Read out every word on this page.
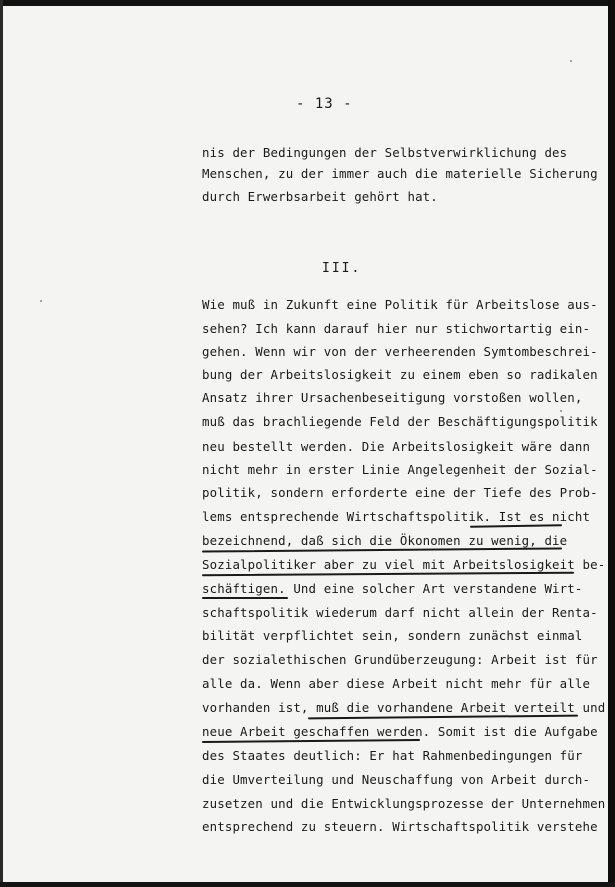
- 13 -
nis der Bedingungen der Selbstverwirklichung des
Menschen, zu der immer auch die materielle Sicherung
durch Erwerbsarbeit gehört hat.
III.
Wie muß in Zukunft eine Politik für Arbeitslose aus-
sehen? Ich kann darauf hier nur stichwortartig ein-
gehen. Wenn wir von der verheerenden Symtombeschrei-
bung der Arbeitslosigkeit zu einem eben so radikalen
Ansatz ihrer Ursachenbeseitigung vorstoßen wollen,
muß das brachliegende Feld der Beschäftigungspolitik
neu bestellt werden. Die Arbeitslosigkeit wäre dann
nicht mehr in erster Linie Angelegenheit der Sozial-
politik, sondern erforderte eine der Tiefe des Prob-
lems entsprechende Wirtschaftspolitik. Ist es nicht
bezeichnend, daß sich die Ökonomen zu wenig, die
Sozialpolitiker aber zu viel mit Arbeitslosigkeit be-
schäftigen. Und eine solcher Art verstandene Wirt-
schaftspolitik wiederum darf nicht allein der Renta-
bilität verpflichtet sein, sondern zunächst einmal
der sozialethischen Grundüberzeugung: Arbeit ist für
alle da. Wenn aber diese Arbeit nicht mehr für alle
vorhanden ist, muß die vorhandene Arbeit verteilt und
neue Arbeit geschaffen werden. Somit ist die Aufgabe
des Staates deutlich: Er hat Rahmenbedingungen für
die Umverteilung und Neuschaffung von Arbeit durch-
zusetzen und die Entwicklungsprozesse der Unternehmen
entsprechend zu steuern. Wirtschaftspolitik verstehe
